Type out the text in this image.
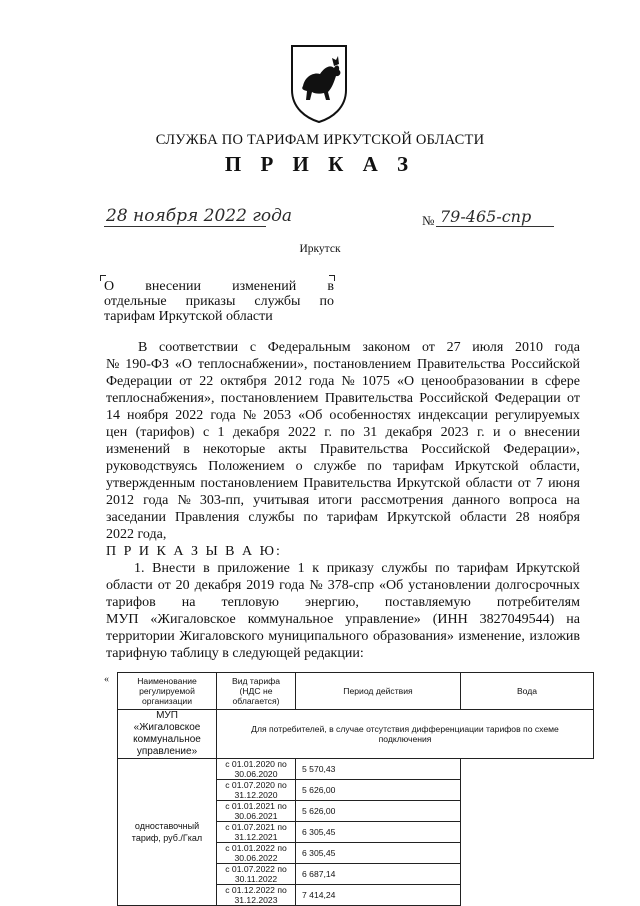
СЛУЖБА ПО ТАРИФАМ ИРКУТСКОЙ ОБЛАСТИ
П Р И К А З
28 ноября 2022 года	№ 79-465-спр
Иркутск
О внесении изменений в
отдельные приказы службы по
тарифам Иркутской области
В соответствии с Федеральным законом от 27 июля 2010 года
№ 190-ФЗ «О теплоснабжении», постановлением Правительства Российской
Федерации от 22 октября 2012 года № 1075 «О ценообразовании в сфере
теплоснабжения», постановлением Правительства Российской Федерации от
14 ноября 2022 года № 2053 «Об особенностях индексации регулируемых
цен (тарифов) с 1 декабря 2022 г. по 31 декабря 2023 г. и о внесении
изменений в некоторые акты Правительства Российской Федерации»,
руководствуясь Положением о службе по тарифам Иркутской области,
утвержденным постановлением Правительства Иркутской области от 7 июня
2012 года № 303-пп, учитывая итоги рассмотрения данного вопроса на
заседании Правления службы по тарифам Иркутской области 28 ноября
2022 года,
П Р И К А З Ы В А Ю:
1. Внести в приложение 1 к приказу службы по тарифам Иркутской
области от 20 декабря 2019 года № 378-спр «Об установлении долгосрочных
тарифов на тепловую энергию, поставляемую потребителям
МУП «Жигаловское коммунальное управление» (ИНН 3827049544) на
территории Жигаловского муниципального образования» изменение, изложив
тарифную таблицу в следующей редакции:
«	Наименование регулируемой организации	Вид тарифа (НДС не облагается)	Период действия	Вода
МУП «Жигаловское коммунальное управление»	Для потребителей, в случае отсутствия дифференциации тарифов по схеме подключения		
одноставочный тариф, руб./Гкал	с 01.01.2020 по 30.06.2020	5 570,43	
	с 01.07.2020 по 31.12.2020	5 626,00	
	с 01.01.2021 по 30.06.2021	5 626,00	
	с 01.07.2021 по 31.12.2021	6 305,45	
	с 01.01.2022 по 30.06.2022	6 305,45	
	с 01.07.2022 по 30.11.2022	6 687,14	
	с 01.12.2022 по 31.12.2023	7 414,24	
